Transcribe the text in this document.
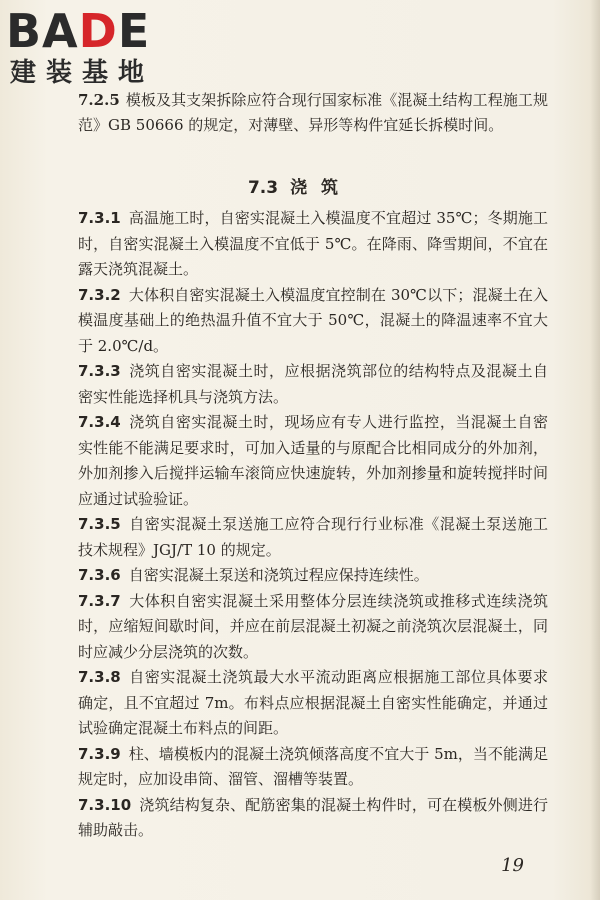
BADE
建装基地

7.2.5 模板及其支架拆除应符合现行国家标准《混凝土结构工程施工规范》GB 50666 的规定，对薄壁、异形等构件宜延长拆模时间。

7.3 浇筑

7.3.1 高温施工时，自密实混凝土入模温度不宜超过 35℃；冬期施工时，自密实混凝土入模温度不宜低于 5℃。在降雨、降雪期间，不宜在露天浇筑混凝土。

7.3.2 大体积自密实混凝土入模温度宜控制在 30℃以下；混凝土在入模温度基础上的绝热温升值不宜大于 50℃，混凝土的降温速率不宜大于 2.0℃/d。

7.3.3 浇筑自密实混凝土时，应根据浇筑部位的结构特点及混凝土自密实性能选择机具与浇筑方法。

7.3.4 浇筑自密实混凝土时，现场应有专人进行监控，当混凝土自密实性能不能满足要求时，可加入适量的与原配合比相同成分的外加剂，外加剂掺入后搅拌运输车滚筒应快速旋转，外加剂掺量和旋转搅拌时间应通过试验验证。

7.3.5 自密实混凝土泵送施工应符合现行行业标准《混凝土泵送施工技术规程》JGJ/T 10 的规定。

7.3.6 自密实混凝土泵送和浇筑过程应保持连续性。

7.3.7 大体积自密实混凝土采用整体分层连续浇筑或推移式连续浇筑时，应缩短间歇时间，并应在前层混凝土初凝之前浇筑次层混凝土，同时应减少分层浇筑的次数。

7.3.8 自密实混凝土浇筑最大水平流动距离应根据施工部位具体要求确定，且不宜超过 7m。布料点应根据混凝土自密实性能确定，并通过试验确定混凝土布料点的间距。

7.3.9 柱、墙模板内的混凝土浇筑倾落高度不宜大于 5m，当不能满足规定时，应加设串筒、溜管、溜槽等装置。

7.3.10 浇筑结构复杂、配筋密集的混凝土构件时，可在模板外侧进行辅助敲击。

19
